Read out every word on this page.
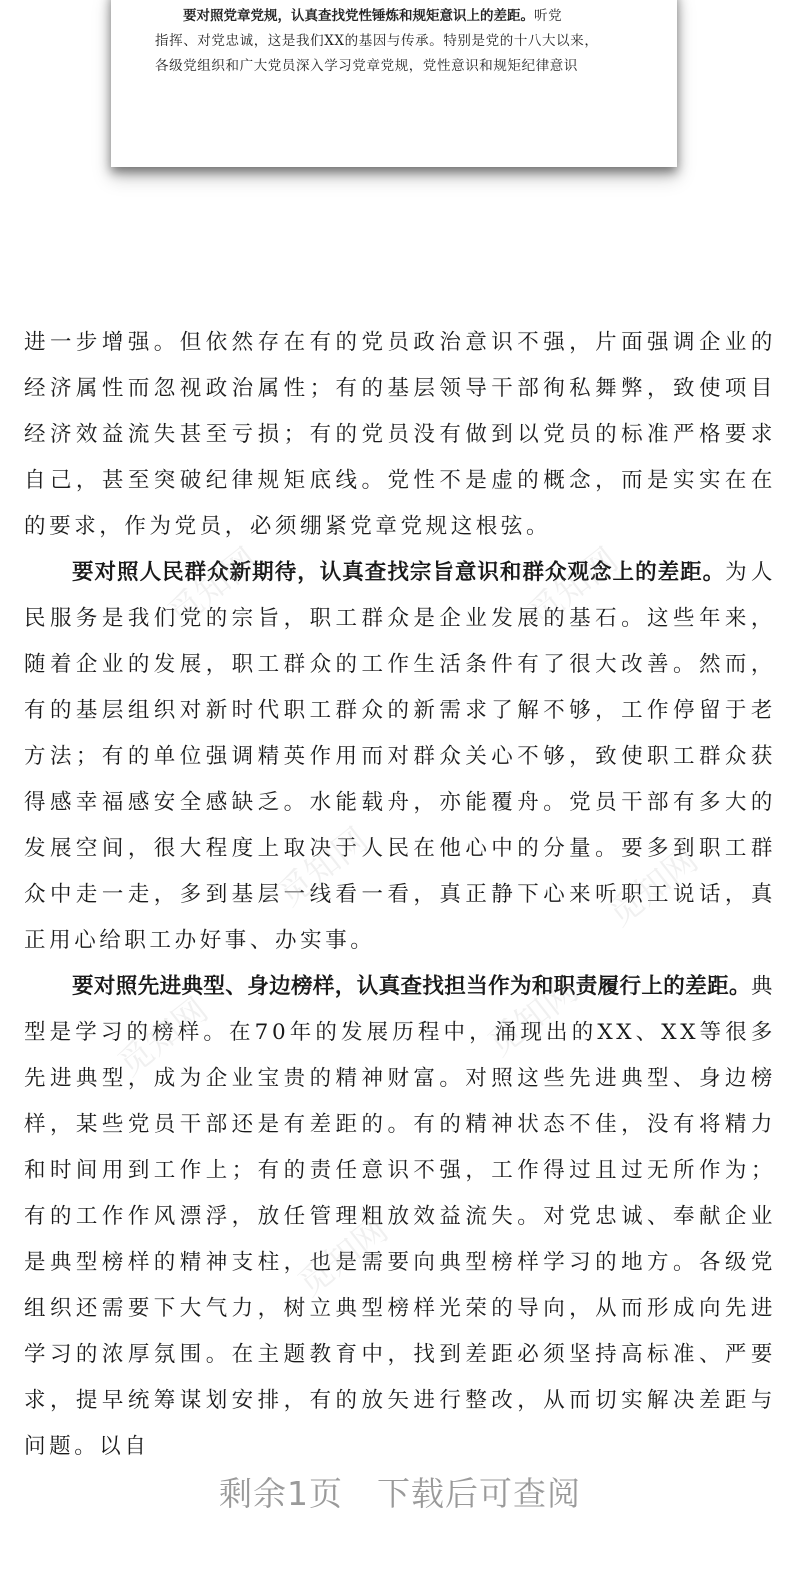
要对照党章党规，认真查找党性锤炼和规矩意识上的差距。听党

指挥、对党忠诚，这是我们XX的基因与传承。特别是党的十八大以来，

各级党组织和广大党员深入学习党章党规，党性意识和规矩纪律意识

进一步增强。但依然存在有的党员政治意识不强，片面强调企业的经济属性而忽视政治属性；有的基层领导干部徇私舞弊，致使项目经济效益流失甚至亏损；有的党员没有做到以党员的标准严格要求自己，甚至突破纪律规矩底线。党性不是虚的概念，而是实实在在的要求，作为党员，必须绷紧党章党规这根弦。

要对照人民群众新期待，认真查找宗旨意识和群众观念上的差距。为人民服务是我们党的宗旨，职工群众是企业发展的基石。这些年来，随着企业的发展，职工群众的工作生活条件有了很大改善。然而，有的基层组织对新时代职工群众的新需求了解不够，工作停留于老方法；有的单位强调精英作用而对群众关心不够，致使职工群众获得感幸福感安全感缺乏。水能载舟，亦能覆舟。党员干部有多大的发展空间，很大程度上取决于人民在他心中的分量。要多到职工群众中走一走，多到基层一线看一看，真正静下心来听职工说话，真正用心给职工办好事、办实事。

要对照先进典型、身边榜样，认真查找担当作为和职责履行上的差距。典型是学习的榜样。在70年的发展历程中，涌现出的XX、XX等很多先进典型，成为企业宝贵的精神财富。对照这些先进典型、身边榜样，某些党员干部还是有差距的。有的精神状态不佳，没有将精力和时间用到工作上；有的责任意识不强，工作得过且过无所作为；有的工作作风漂浮，放任管理粗放效益流失。对党忠诚、奉献企业是典型榜样的精神支柱，也是需要向典型榜样学习的地方。各级党组织还需要下大气力，树立典型榜样光荣的导向，从而形成向先进学习的浓厚氛围。在主题教育中，找到差距必须坚持高标准、严要求，提早统筹谋划安排，有的放矢进行整改，从而切实解决差距与问题。以自

觅知网	觅知网
觅知网	觅知网
觅知网	觅知网
觅知网
剩余1页 下载后可查阅
